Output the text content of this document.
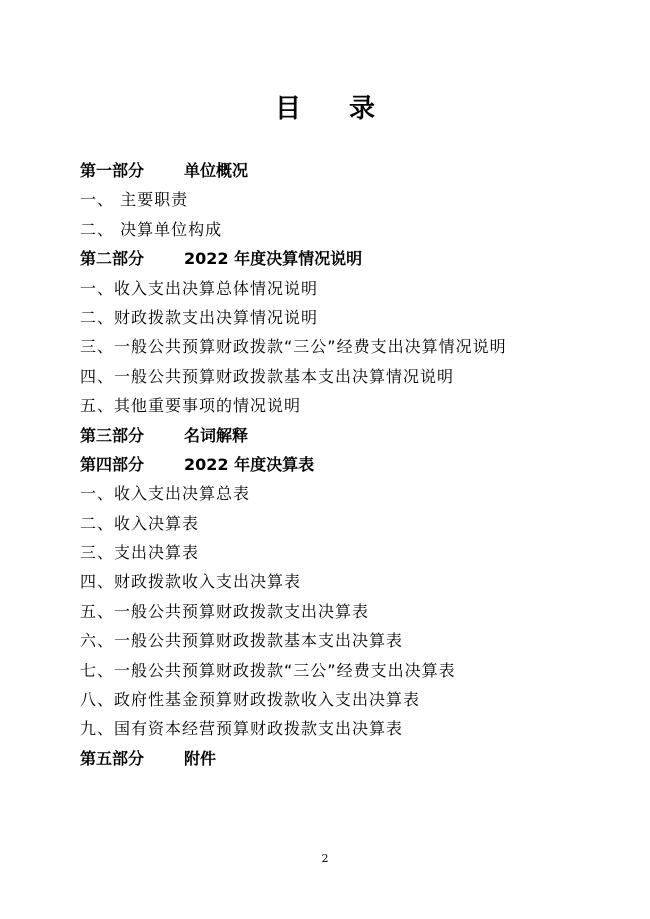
目 录
第一部分 单位概况
一、 主要职责
二、 决算单位构成
第二部分 2022 年度决算情况说明
一、收入支出决算总体情况说明
二、财政拨款支出决算情况说明
三、一般公共预算财政拨款“三公”经费支出决算情况说明
四、一般公共预算财政拨款基本支出决算情况说明
五、其他重要事项的情况说明
第三部分 名词解释
第四部分 2022 年度决算表
一、收入支出决算总表
二、收入决算表
三、支出决算表
四、财政拨款收入支出决算表
五、一般公共预算财政拨款支出决算表
六、一般公共预算财政拨款基本支出决算表
七、一般公共预算财政拨款“三公”经费支出决算表
八、政府性基金预算财政拨款收入支出决算表
九、国有资本经营预算财政拨款支出决算表
第五部分 附件
2
